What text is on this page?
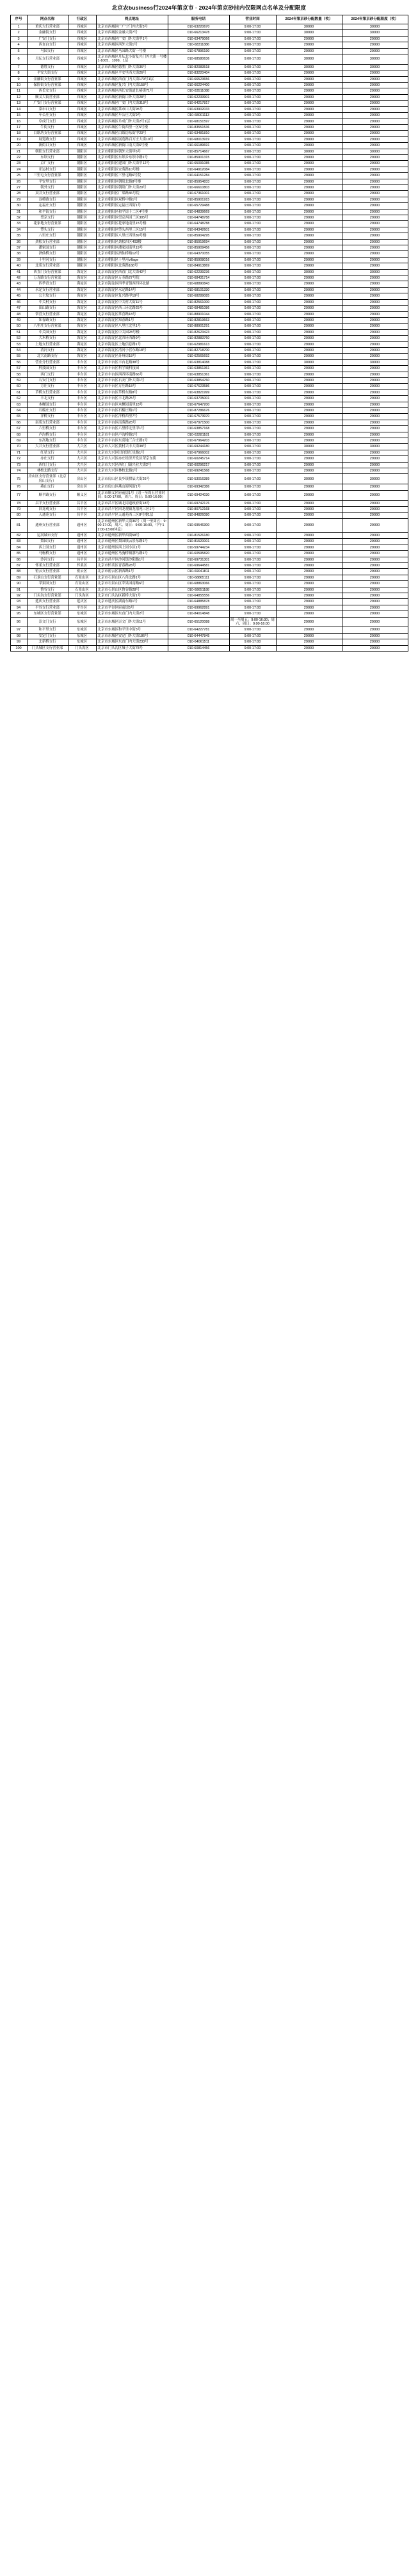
北京农business行2024年第京市 · 2024年第京砂挂内仅限网点名单及分配限度
序号	网点名称	行政区	网点地址	服务电话	营业时间	2024年第京砂分配数量（枚）	2024年第京砂分配限度（枚）
1	重庆大行营业部	西城区	北京市西城区广广宁门内大街5号	010-63220670	9:00-17:00	30000	30000
2	金融街支行	西城区	北京市西城区金融大街7号	010-66213478	9:00-17:00	30000	30000
3	广安门支行	西城区	北京市西城区广安门外大街甲1号	010-63479066	9:00-17:00	29000	29000
4	西直白支行	西城区	北京市西城区西外大街1号	010-68311886	9:00-17:00	29000	29000
5	马园支行	西城区	北京市西城区马园路大街一号楼	010-67896190	9:00-17:00	29000	29000
6	月坛支行营业部	西城区	北京市西城区月坛北小街复兴门外大街一号楼1-1005、1099、1层	010-68580636	9:00-17:00	30000	30000
7	德胜支行	西城区	北京市西城区德胜门外大街36号	010-82083518	9:00-17:00	30000	30000
8	平安大街支行	西城区	北京市西城区平安里西大街26号	010-83220404	9:00-17:00	29000	29000
9	金融街支行营业部	西城区	北京市西城区西直门内大街179号1层	010-66523656	9:00-17:00	29000	29000
10	保险街支行营业部	西城区	北京市西城区复兴门内大街158号	010-66224400	9:00-17:00	29000	29000
11	西长安支行	西城区	北京市西城区西长安街道长椿街71号	010-83511088	9:00-17:00	29000	29000
12	顺义大街营业部	西城区	北京市西城区新街口外大街28号	010-62233901	9:00-17:00	29000	29000
13	广安门支行营业部	西城区	北京市西城区广安门内大街318号	010-64217817	9:00-17:00	29000	29000
14	菜市口支行	西城区	北京市西城区菜市口大街95号	010-63902033	9:00-17:00	29000	29000
15	车公庄支行	西城区	北京市西城区车公庄大街9号	010-68001113	9:00-17:00	29000	29000
16	阜成门支行	西城区	北京市西城区阜成门外大街2号1层	010-68151597	9:00-17:00	29000	29000
17	牛街支行	西城区	北京市西城区牛街西里一区5号楼	010-83551536	9:00-17:00	29000	29000
18	白纸坊支行营业部	西城区	北京市西城区白纸坊东街甲23号	010-63481810	9:00-17:00	29000	29000
19	展览路支行	西城区	北京市西城区展览路百万庄大街10号	010-68013919	9:00-17:00	29000	29000
20	新街口支行	西城区	北京市西城区新街口南大街6号楼	010-66189691	9:00-17:00	29000	29000
21	朝阳支行营业部	朝阳区	北京市朝阳区朝外大街甲6号	010-85714667	9:00-17:00	30000	30000
22	东坝支行	朝阳区	北京市朝阳区东坝乡东坝中路1号	010-85901315	9:00-17:00	29000	29000
23	京广支行	朝阳区	北京市朝阳区建国门外大街甲12号	010-65091085	9:00-17:00	29000	29000
24	亚运村支行	朝阳区	北京市朝阳区安苑路10号楼	010-64912084	9:00-17:00	29000	29000
25	三里屯支行营业部	朝阳区	北京市朝阳区三里屯路6号院	010-64151284	9:00-17:00	29000	29000
26	平安里支行	朝阳区	北京市朝阳区朝阳北路8号楼	010-85954833	9:00-17:00	29000	29000
27	朝外支行	朝阳区	北京市朝阳区朝阳门外大街20号	010-66610803	9:00-17:00	29000	29000
28	双井支行营业部	朝阳区	北京市朝阳区广渠路36号院	010-67361001	9:00-17:00	29000	29000
29	双桥路支行	朝阳区	北京市朝阳区双桥中路1号	010-85901915	9:00-17:00	29000	29000
30	定福庄支行	朝阳区	北京市朝阳区定福庄西街1号	010-65729488	9:00-17:00	29000	29000
31	和平街支行	朝阳区	北京市朝阳区和平街十二区4号楼	010-64839669	9:00-17:00	29000	29000
32	望京支行	朝阳区	北京市朝阳区望京西园三区305号	010-64748788	9:00-17:00	29000	29000
33	花家地支行营业部	朝阳区	北京市朝阳区花家地南里15号楼	010-64748788	9:00-17:00	29000	29000
34	垡头支行	朝阳区	北京市朝阳区垡头西里三区15号	010-64342601	9:00-17:00	29000	29000
35	八里庄支行	朝阳区	北京市朝阳区八里庄西里89号楼	010-85904295	9:00-17:00	29000	29000
36	劲松支行营业部	朝阳区	北京市朝阳区劲松四区403楼	010-85919694	9:00-17:00	29000	29000
37	潘家园支行	朝阳区	北京市朝阳区潘家园南里19号	010-85909456	9:00-17:00	29000	29000
38	酒仙桥支行	朝阳区	北京市朝阳区酒仙桥路12号	010-64370055	9:00-17:00	29000	29000
39	十里河支行	朝阳区	北京市朝阳区十里河village	010-85908016	9:00-17:00	29000	29000
40	北苑支行营业部	朝阳区	北京市朝阳区北苑路168号	010-84913869	9:00-17:00	29000	29000
41	西直门支行营业部	海淀区	北京市海淀区西直门北大街42号	010-62239236	9:00-17:00	30000	30000
42	万寿路支行营业部	海淀区	北京市海淀区万寿路27号院	010-68431714	9:00-17:00	29000	29000
43	四季青支行	海淀区	北京市海淀区四季青镇西四环北路	010-68890843	9:00-17:00	29000	29000
44	永定支行营业部	海淀区	北京市海淀区永定路14号	010-68101330	9:00-17:00	29000	29000
45	公主坟支行	海淀区	北京市海淀区复兴路甲19号	010-68289085	9:00-17:00	29000	29000
46	中关村支行	海淀区	北京市海淀区中关村大街11号	010-82561000	9:00-17:00	29000	29000
47	田山路支行	海淀区	北京市海淀区西三环北路25号	010-68481086	9:00-17:00	29000	29000
48	常营支行营业部	海淀区	北京市海淀区常营路18号	010-88901044	9:00-17:00	29000	29000
49	知春路支行	海淀区	北京市海淀区知春路1号	010-82819663	9:00-17:00	29000	29000
50	八里庄支行营业部	海淀区	北京市海淀区八里庄北里1号	010-88901291	9:00-17:00	29000	29000
51	中关园支行	海淀区	北京市海淀区中关园28号楼	010-82623423	9:00-17:00	29000	29000
52	大木桥支行	海淀区	北京市海淀区北四环西路9号	010-82883760	9:00-17:00	29000	29000
53	上地支行营业部	海淀区	北京市海淀区上地信息路1号	010-62981613	9:00-17:00	29000	29000
54	清河支行	海淀区	北京市海淀区清河小营东路18号	010-82718700	9:00-17:00	29000	29000
55	北大南路支行	海淀区	北京市海淀区苏州街18号	010-62565692	9:00-17:00	29000	29000
56	营业分行营业部	丰台区	北京市丰台区丰台北路38号	010-63814088	9:00-17:00	30000	30000
57	科技园支行	丰台区	北京市丰台区科学城科技园	010-63851361	9:00-17:00	29000	29000
58	西门支行	丰台区	北京市丰台区西四环南路66号	010-63851361	9:00-17:00	29000	29000
59	右安门支行	丰台区	北京市丰台区右安门外大街1号	010-63854760	9:00-17:00	29000	29000
60	方庄支行	丰台区	北京市丰台区方庄路18号	010-67623586	9:00-17:00	29000	29000
61	草桥支行营业部	丰台区	北京市丰台区草桥东路8号	010-63821999	9:00-17:00	29000	29000
62	丰北支行	丰台区	北京市丰台区丰北路25号	010-63705001	9:00-17:00	29000	29000
63	木樨园支行	丰台区	北京市丰台区木樨园南里18号	010-67647200	9:00-17:00	29000	29000
64	石榴庄支行	丰台区	北京市丰台区石榴庄路1号	010-87286676	9:00-17:00	29000	29000
65	洋桥支行	丰台区	北京市丰台区洋桥西里7号	010-67573970	9:00-17:00	29000	29000
66	南苑支行营业部	丰台区	北京市丰台区南苑路28号	010-67971500	9:00-17:00	29000	29000
67	六里桥支行	丰台区	北京市丰台区六里桥北里甲1号	010-63857168	9:00-17:00	29000	29000
68	卢沟桥支行	丰台区	北京市丰台区卢沟桥路1号	010-63281181	9:00-17:00	29000	29000
69	东高地支行	丰台区	北京市丰台区东高地三合庄路1号	010-67964203	9:00-17:00	29000	29000
70	大兴支行营业部	大兴区	北京市大兴区黄村兴丰大街38号	010-69244180	9:00-17:00	30000	30000
71	红星支行	大兴区	北京市大兴区旧宫镇红星路1号	010-67966002	9:00-17:00	29000	29000
72	亦庄支行	大兴区	北京市大兴区亦庄经济开发区荣京东街	010-60245714	9:00-17:00	29000	29000
73	西红门支行	大兴区	北京市大兴区西红门镇兴业大街2号	010-60296217	9:00-17:00	29000	29000
74	林校北路支行	大兴区	北京市大兴区林校北路1号	010-69241568	9:00-17:00	29000	29000
75	房山区支行营业部（北京房山支行）	房山区	北京市房山区良乡镇拱辰大街26号	010-53016389	9:00-17:00	30000	30000
76	燕山支行	房山区	北京市房山区燕山迎风街1号	010-69342386	9:00-17:00	29000	29000
77	顺平路支行	顺义区	北京市顺义区府前街1号（周一至周五营业时间：9:00-17:00，周六、周日：9:00-16:00）	010-69424030	9:00-17:00	29000	29000
78	昌平支行营业部	昌平区	北京市昌平区城北街道政府街18号	010-69742176	9:00-17:00	29000	29000
79	回龙观支行	昌平区	北京市昌平区回龙观镇龙禧苑三区1号	010-80712168	9:00-17:00	29000	29000
80	天通苑支行	昌平区	北京市昌平区天通苑西三区8号楼1层	010-84826080	9:00-17:00	29000	29000
81	通州支行营业部	通州区	北京市通州区新华大街36号（周一至周五：9:00-17:00，周六、周日：9:00-16:00，中午12:00-13:00休息）	010-69546300	9:00-17:00	29000	29000
82	运河城市支行	通州区	北京市通州区新华西街58号	010-81526180	9:00-17:00	29000	29000
83	梨园支行	通州区	北京市通州区梨园镇云景东路1号	010-81520001	9:00-17:00	29000	29000
84	西上园支行	通州区	北京市通州区西上园小区1号	010-59744234	9:00-17:00	29000	29000
85	马驹桥支行	通州区	北京市通州区马驹桥镇漷马路1号	010-60595820	9:00-17:00	29000	29000
86	沙河支行	昌平区	北京市昌平区沙河镇沙阳路1号	010-69731301	9:00-17:00	29000	29000
87	怀柔支行营业部	怀柔区	北京市怀柔区青春路28号	010-69644581	9:00-17:00	29000	29000
88	密云支行营业部	密云区	北京市密云区新西路1号	010-69041811	9:00-17:00	29000	29000
89	石景山支行营业部	石景山区	北京市石景山区八角北路1号	010-68865111	9:00-17:00	29000	29000
90	苹果园支行	石景山区	北京市石景山区苹果园南路6号	010-68863066	9:00-17:00	29000	29000
91	鲁谷支行	石景山区	北京市石景山区鲁谷路28号	010-68651188	9:00-17:00	29000	29000
92	门头沟支行营业部	门头沟区	北京市门头沟区新桥大街1号	010-64855556	9:00-17:00	29000	29000
93	延庆支行营业部	延庆区	北京市延庆区湖南东路1号	010-64885878	9:00-17:00	29000	29000
94	平谷支行营业部	平谷区	北京市平谷区府前街5号	010-69962891	9:00-17:00	29000	29000
95	东城区支行营业部	东城区	北京市东城区东直门内大街2号	010-84014848	9:00-17:00	29000	29000
96	崇文门支行	东城区	北京市东城区崇文门外大街11号	010-65120088	周一至周五：9:00-16:30；周六、周日：9:00-16:00	29000	29000
97	和平里支行	东城区	北京市东城区和平里中街3号	010-64227781	9:00-17:00	29000	29000
98	安定门支行	东城区	北京市东城区安定门外大街186号	010-64447845	9:00-17:00	29000	29000
99	北新桥支行	东城区	北京市东城区东直门内大街233号	010-64061511	9:00-17:00	29000	29000
100	门头城区支行营业部	门头沟区	北京市门头沟区城子大街78号	010-60814456	9:00-17:00	29000	29000
